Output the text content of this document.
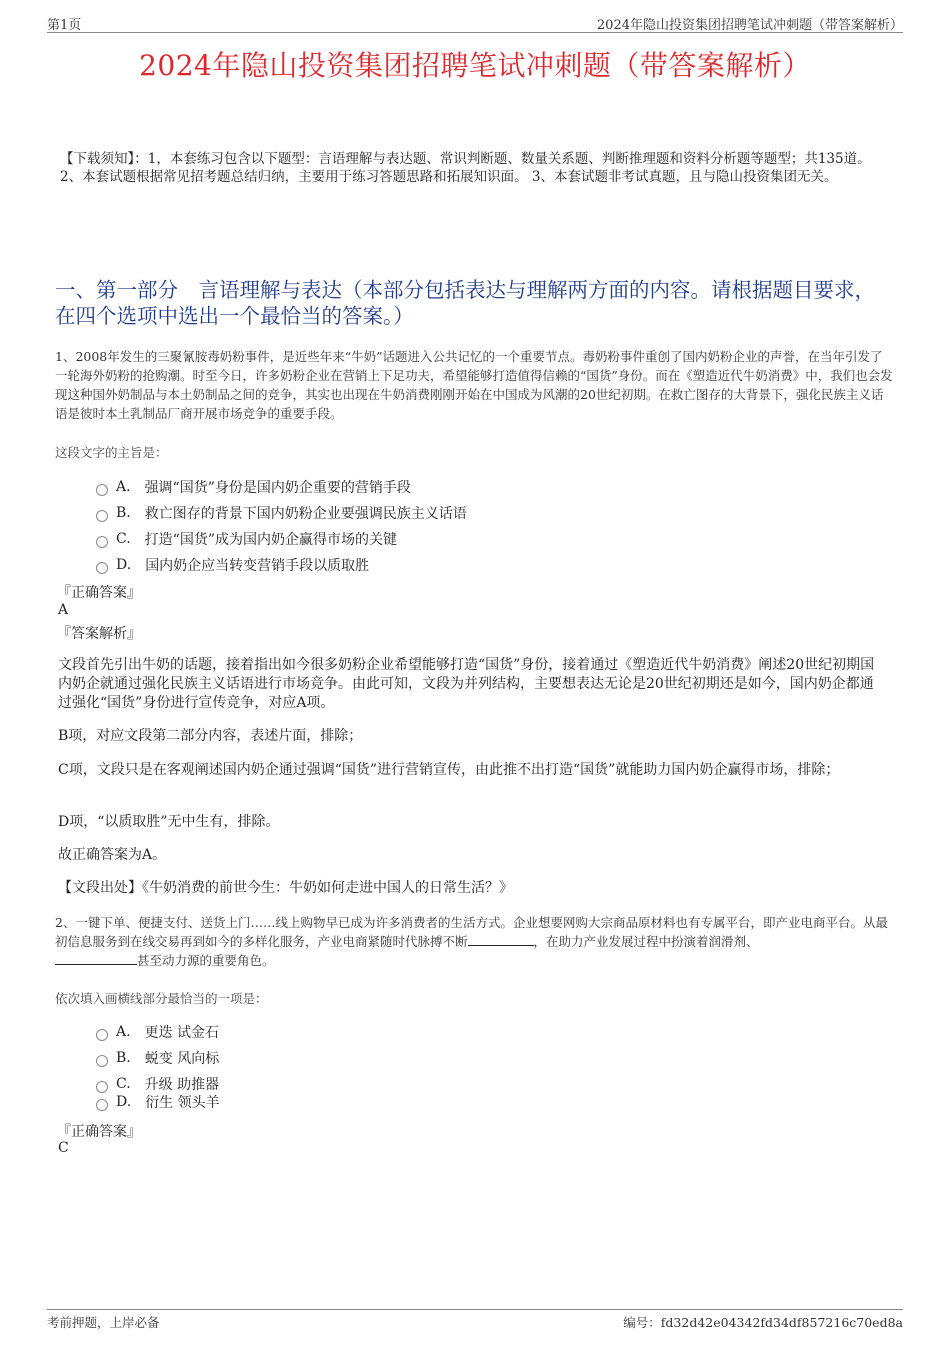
第1页	2024年隐山投资集团招聘笔试冲刺题（带答案解析）
2024年隐山投资集团招聘笔试冲刺题（带答案解析）
【下载须知】：1，本套练习包含以下题型：言语理解与表达题、常识判断题、数量关系题、判断推理题和资料分析题等题型；共135道。 2、本套试题根据常见招考题总结归纳，主要用于练习答题思路和拓展知识面。 3、本套试题非考试真题，且与隐山投资集团无关。
一、第一部分　言语理解与表达（本部分包括表达与理解两方面的内容。请根据题目要求，在四个选项中选出一个最恰当的答案。）
1、2008年发生的三聚氰胺毒奶粉事件，是近些年来“牛奶”话题进入公共记忆的一个重要节点。毒奶粉事件重创了国内奶粉企业的声誉，在当年引发了一轮海外奶粉的抢购潮。时至今日，许多奶粉企业在营销上下足功夫，希望能够打造值得信赖的“国货”身份。而在《塑造近代牛奶消费》中，我们也会发现这种国外奶制品与本土奶制品之间的竞争，其实也出现在牛奶消费刚刚开始在中国成为风潮的20世纪初期。在救亡图存的大背景下，强化民族主义话语是彼时本土乳制品厂商开展市场竞争的重要手段。
这段文字的主旨是：
A. 强调“国货”身份是国内奶企重要的营销手段
B. 救亡图存的背景下国内奶粉企业要强调民族主义话语
C. 打造“国货”成为国内奶企赢得市场的关键
D. 国内奶企应当转变营销手段以质取胜
『正确答案』
A
『答案解析』
文段首先引出牛奶的话题，接着指出如今很多奶粉企业希望能够打造“国货”身份，接着通过《塑造近代牛奶消费》阐述20世纪初期国内奶企就通过强化民族主义话语进行市场竞争。由此可知，文段为并列结构，主要想表达无论是20世纪初期还是如今，国内奶企都通过强化“国货”身份进行宣传竞争，对应A项。
B项，对应文段第二部分内容，表述片面，排除；
C项，文段只是在客观阐述国内奶企通过强调“国货”进行营销宣传，由此推不出打造“国货”就能助力国内奶企赢得市场，排除；
D项，“以质取胜”无中生有，排除。
故正确答案为A。
【文段出处】《牛奶消费的前世今生：牛奶如何走进中国人的日常生活？》
2、一键下单、便捷支付、送货上门……线上购物早已成为许多消费者的生活方式。企业想要网购大宗商品原材料也有专属平台，即产业电商平台。从最初信息服务到在线交易再到如今的多样化服务，产业电商紧随时代脉搏不断	，在助力产业发展过程中扮演着润滑剂、
甚至动力源的重要角色。
依次填入画横线部分最恰当的一项是：
A. 更迭 试金石
B. 蜕变 风向标
C. 升级 助推器
D. 衍生 领头羊
『正确答案』
C
考前押题，上岸必备	编号：fd32d42e04342fd34df857216c70ed8a
